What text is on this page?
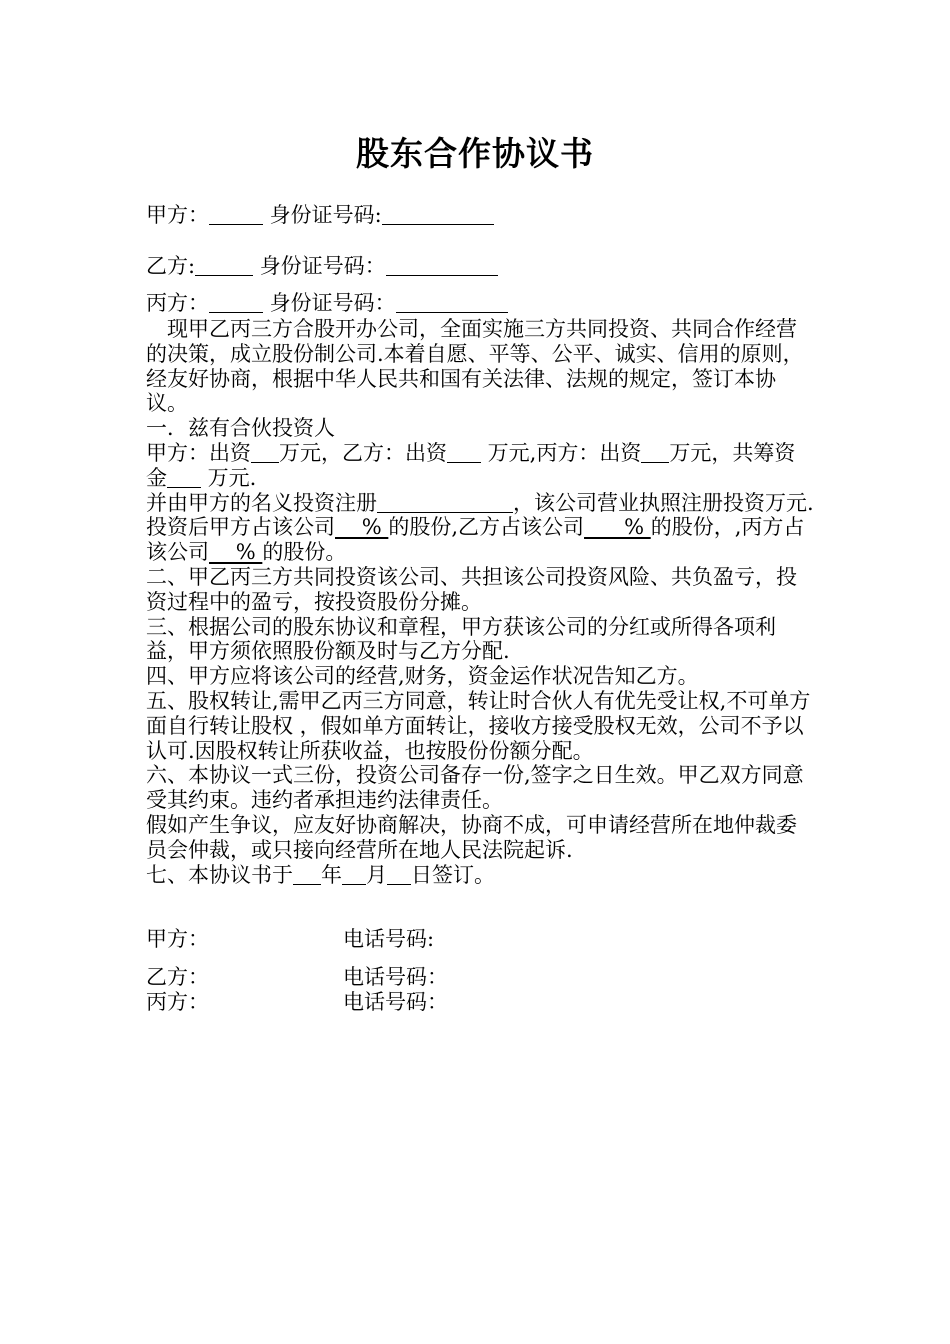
股东合作协议书
甲方：	身份证号码:
乙方:	身份证号码：
丙方：	身份证号码：

现甲乙丙三方合股开办公司，全面实施三方共同投资、共同合作经营的决策，成立股份制公司.本着自愿、平等、公平、诚实、信用的原则，经友好协商，根据中华人民共和国有关法律、法规的规定，签订本协议。

一．兹有合伙投资人

甲方：出资 万元，乙方：出资 万元,丙方：出资 万元，共筹资金 万元.

并由甲方的名义投资注册	，该公司营业执照注册投资万元.投资后甲方占该公司    % 的股份,乙方占该公司      % 的股份，,丙方占该公司    % 的股份。

二、甲乙丙三方共同投资该公司、共担该公司投资风险、共负盈亏，投资过程中的盈亏，按投资股份分摊。

三、根据公司的股东协议和章程，甲方获该公司的分红或所得各项利益，甲方须依照股份额及时与乙方分配.

四、甲方应将该公司的经营,财务，资金运作状况告知乙方。

五、股权转让,需甲乙丙三方同意，转让时合伙人有优先受让权,不可单方面自行转让股权 ，假如单方面转让，接收方接受股权无效，公司不予以认可.因股权转让所获收益，也按股份份额分配。

六、本协议一式三份，投资公司备存一份,签字之日生效。甲乙双方同意受其约束。违约者承担违约法律责任。

假如产生争议，应友好协商解决，协商不成，可申请经营所在地仲裁委员会仲裁，或只接向经营所在地人民法院起诉.

七、本协议书于 年 月 日签订。

甲方：	电话号码:
乙方：	电话号码：
丙方：	电话号码：
